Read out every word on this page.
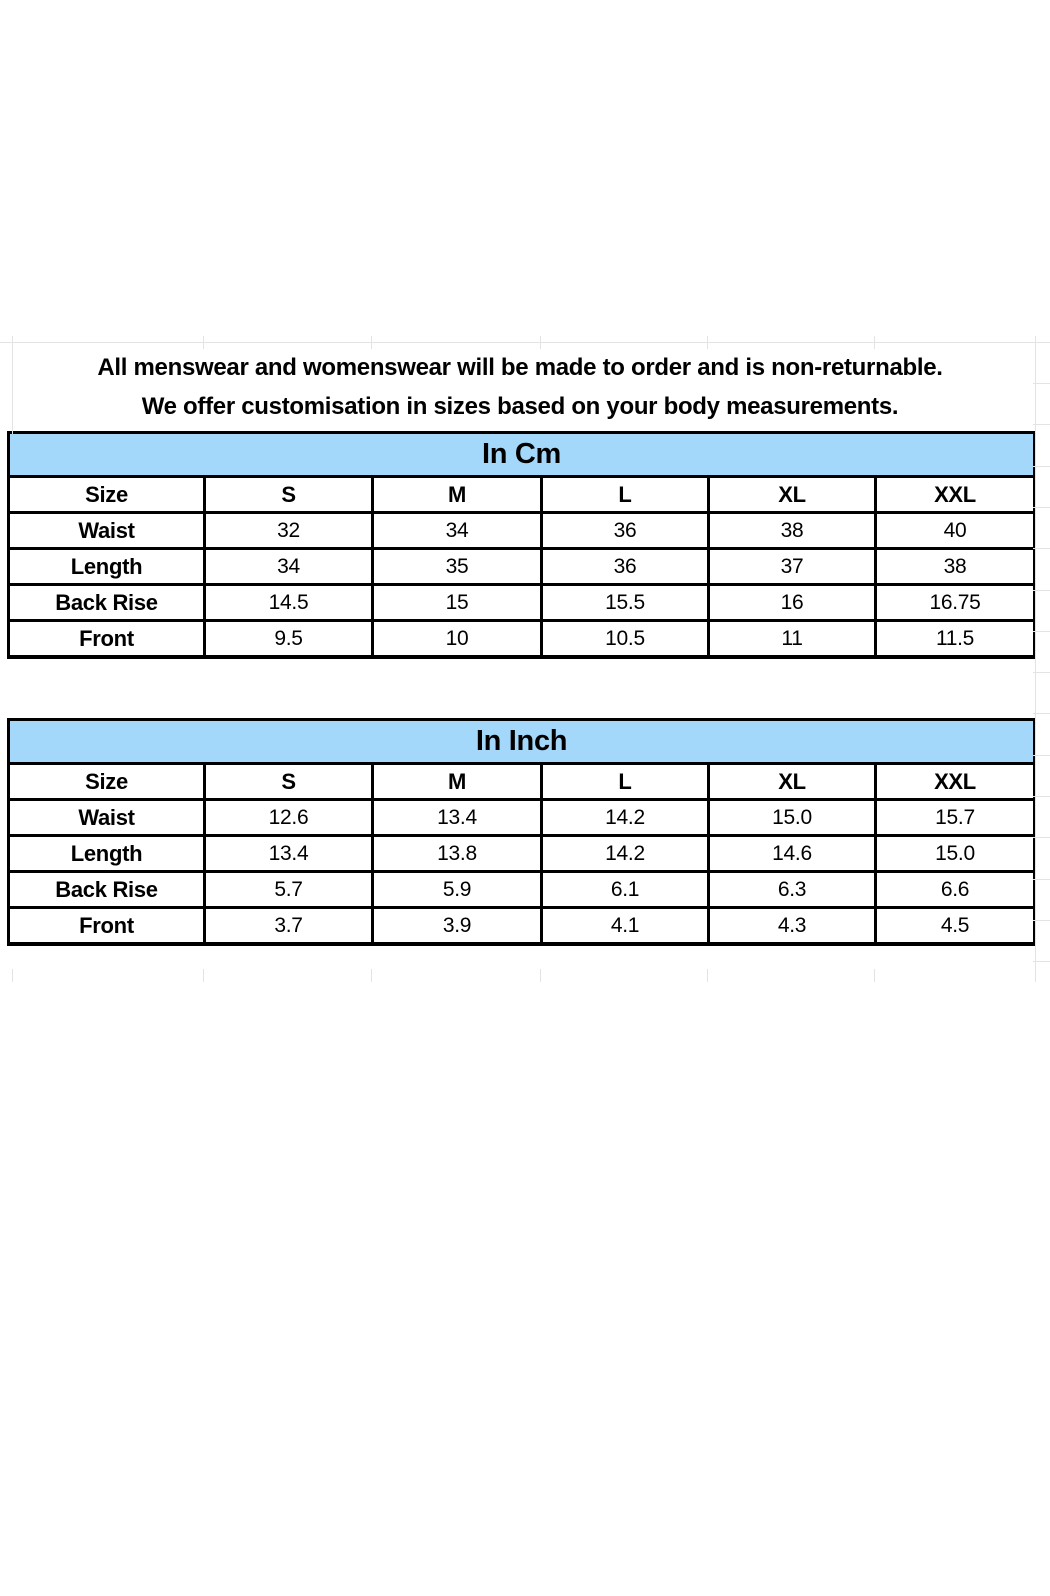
All menswear and womenswear will be made to order and is non-returnable.
We offer customisation in sizes based on your body measurements.
In Cm					
Size	S	M	L	XL	XXL
Waist	32	34	36	38	40
Length	34	35	36	37	38
Back Rise	14.5	15	15.5	16	16.75
Front	9.5	10	10.5	11	11.5
In Inch					
Size	S	M	L	XL	XXL
Waist	12.6	13.4	14.2	15.0	15.7
Length	13.4	13.8	14.2	14.6	15.0
Back Rise	5.7	5.9	6.1	6.3	6.6
Front	3.7	3.9	4.1	4.3	4.5
